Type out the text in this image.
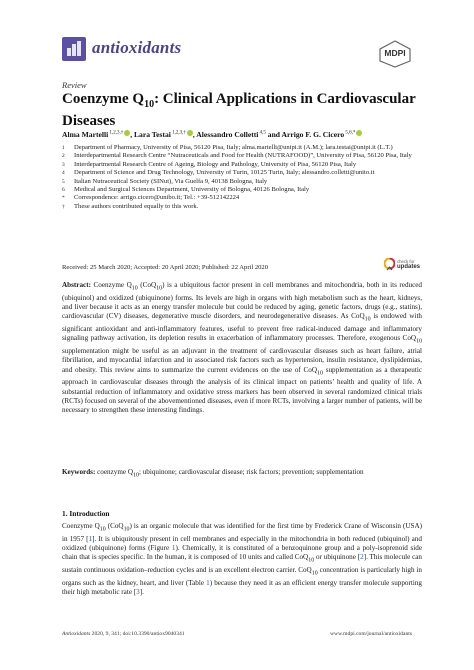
antioxidants	MDPI
Review
Coenzyme $Q_{10}$: Clinical Applications in Cardiovascular Diseases
Alma Martelli $^{1,2,3,\dagger}$ , Lara Testai $^{1,2,3,\dagger}$ , Alessandro Colletti $^{4,5}$ and Arrigo F. G. Cicero $^{5,6,*}$
1 Department of Pharmacy, University of Pisa, 56120 Pisa, Italy; alma.martelli@unipi.it (A.M.); lara.testai@unipi.it (L.T.)
2 Interdepartmental Research Centre “Nutraceuticals and Food for Health (NUTRAFOOD)”, University of Pisa, 56120 Pisa, Italy
3 Interdepartmental Research Centre of Ageing, Biology and Pathology, University of Pisa, 56120 Pisa, Italy
4 Department of Science and Drug Technology, University of Turin, 10125 Turin, Italy; alessandro.colletti@unito.it
5 Italian Nutraceutical Society (SINut), Via Guelfa 9, 40138 Bologna, Italy
6 Medical and Surgical Sciences Department, University of Bologna, 40126 Bologna, Italy
* Correspondence: arrigo.cicero@unibo.it; Tel.: +39-512142224
† These authors contributed equally to this work.
Received: 25 March 2020; Accepted: 20 April 2020; Published: 22 April 2020
check for
updates
Abstract: Coenzyme $Q_{10}$ (CoQ$_{10}$) is a ubiquitous factor present in cell membranes and mitochondria, both in its reduced (ubiquinol) and oxidized (ubiquinone) forms. Its levels are high in organs with high metabolism such as the heart, kidneys, and liver because it acts as an energy transfer molecule but could be reduced by aging, genetic factors, drugs (e.g., statins), cardiovascular (CV) diseases, degenerative muscle disorders, and neurodegenerative diseases. As CoQ$_{10}$ is endowed with significant antioxidant and anti-inflammatory features, useful to prevent free radical-induced damage and inflammatory signaling pathway activation, its depletion results in exacerbation of inflammatory processes. Therefore, exogenous CoQ$_{10}$ supplementation might be useful as an adjuvant in the treatment of cardiovascular diseases such as heart failure, atrial fibrillation, and myocardial infarction and in associated risk factors such as hypertension, insulin resistance, dyslipidemias, and obesity. This review aims to summarize the current evidences on the use of CoQ$_{10}$ supplementation as a therapeutic approach in cardiovascular diseases through the analysis of its clinical impact on patients’ health and quality of life. A substantial reduction of inflammatory and oxidative stress markers has been observed in several randomized clinical trials (RCTs) focused on several of the abovementioned diseases, even if more RCTs, involving a larger number of patients, will be necessary to strengthen these interesting findings.
Keywords: coenzyme $Q_{10}$; ubiquinone; cardiovascular disease; risk factors; prevention; supplementation
1. Introduction
Coenzyme $Q_{10}$ (CoQ$_{10}$) is an organic molecule that was identified for the first time by Frederick Crane of Wisconsin (USA) in 1957 [1]. It is ubiquitously present in cell membranes and especially in the mitochondria in both reduced (ubiquinol) and oxidized (ubiquinone) forms (Figure 1). Chemically, it is constituted of a benzoquinone group and a poly-isoprenoid side chain that is species specific. In the human, it is composed of 10 units and called CoQ$_{10}$ or ubiquinone [2]. This molecule can sustain continuous oxidation–reduction cycles and is an excellent electron carrier. CoQ$_{10}$ concentration is particularly high in organs such as the kidney, heart, and liver (Table 1) because they need it as an efficient energy transfer molecule supporting their high metabolic rate [3].
Antioxidants 2020, 9, 341; doi:10.3390/antiox9040341	www.mdpi.com/journal/antioxidants
